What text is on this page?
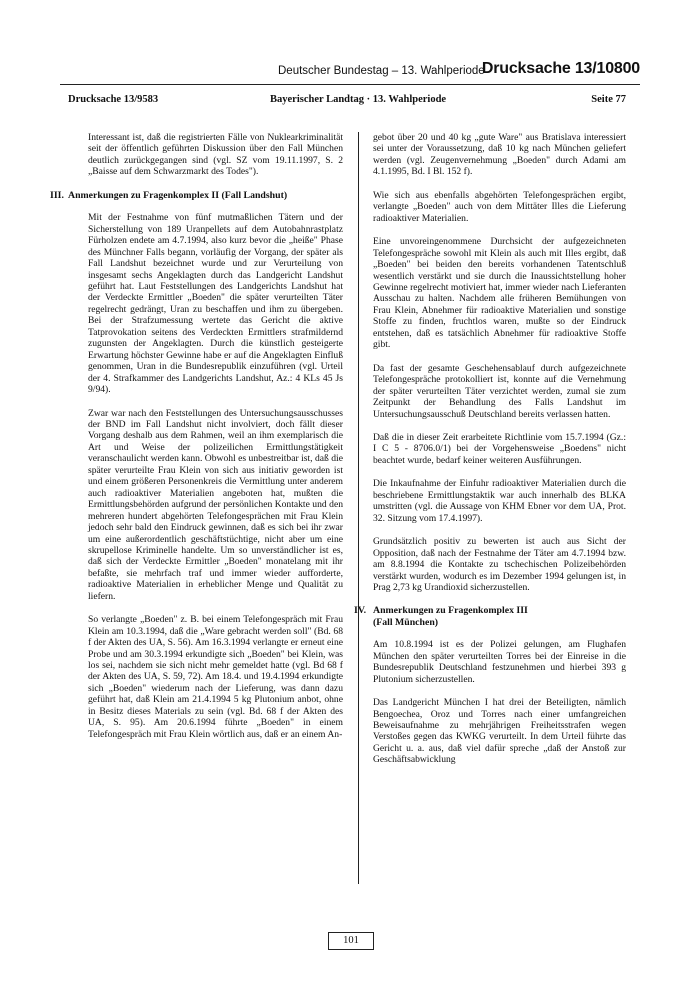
Deutscher Bundestag – 13. Wahlperiode
Drucksache 13/10800
Drucksache 13/9583	Bayerischer Landtag · 13. Wahlperiode	Seite 77

Interessant ist, daß die registrierten Fälle von Nuklearkriminalität seit der öffentlich geführten Diskussion über den Fall München deutlich zurückgegangen sind (vgl. SZ vom 19.11.1997, S. 2 „Baisse auf dem Schwarzmarkt des Todes").

III. Anmerkungen zu Fragenkomplex II (Fall Landshut)

Mit der Festnahme von fünf mutmaßlichen Tätern und der Sicherstellung von 189 Uranpellets auf dem Autobahnrastplatz Fürholzen endete am 4.7.1994, also kurz bevor die „heiße" Phase des Münchner Falls begann, vorläufig der Vorgang, der später als Fall Landshut bezeichnet wurde und zur Verurteilung von insgesamt sechs Angeklagten durch das Landgericht Landshut geführt hat. Laut Feststellungen des Landgerichts Landshut hat der Verdeckte Ermittler „Boeden" die später verurteilten Täter regelrecht gedrängt, Uran zu beschaffen und ihm zu übergeben. Bei der Strafzumessung wertete das Gericht die aktive Tatprovokation seitens des Verdeckten Ermittlers strafmildernd zugunsten der Angeklagten. Durch die künstlich gesteigerte Erwartung höchster Gewinne habe er auf die Angeklagten Einfluß genommen, Uran in die Bundesrepublik einzuführen (vgl. Urteil der 4. Strafkammer des Landgerichts Landshut, Az.: 4 KLs 45 Js 9/94).

Zwar war nach den Feststellungen des Untersuchungsausschusses der BND im Fall Landshut nicht involviert, doch fällt dieser Vorgang deshalb aus dem Rahmen, weil an ihm exemplarisch die Art und Weise der polizeilichen Ermittlungstätigkeit veranschaulicht werden kann. Obwohl es unbestreitbar ist, daß die später verurteilte Frau Klein von sich aus initiativ geworden ist und einem größeren Personenkreis die Vermittlung unter anderem auch radioaktiver Materialien angeboten hat, mußten die Ermittlungsbehörden aufgrund der persönlichen Kontakte und den mehreren hundert abgehörten Telefongesprächen mit Frau Klein jedoch sehr bald den Eindruck gewinnen, daß es sich bei ihr zwar um eine außerordentlich geschäftstüchtige, nicht aber um eine skrupellose Kriminelle handelte. Um so unverständlicher ist es, daß sich der Verdeckte Ermittler „Boeden" monatelang mit ihr befaßte, sie mehrfach traf und immer wieder aufforderte, radioaktive Materialien in erheblicher Menge und Qualität zu liefern.

So verlangte „Boeden" z. B. bei einem Telefongespräch mit Frau Klein am 10.3.1994, daß die „Ware gebracht werden soll" (Bd. 68 f der Akten des UA, S. 56). Am 16.3.1994 verlangte er erneut eine Probe und am 30.3.1994 erkundigte sich „Boeden" bei Klein, was los sei, nachdem sie sich nicht mehr gemeldet hatte (vgl. Bd 68 f der Akten des UA, S. 59, 72). Am 18.4. und 19.4.1994 erkundigte sich „Boeden" wiederum nach der Lieferung, was dann dazu geführt hat, daß Klein am 21.4.1994 5 kg Plutonium anbot, ohne in Besitz dieses Materials zu sein (vgl. Bd. 68 f der Akten des UA, S. 95). Am 20.6.1994 führte „Boeden" in einem Telefongespräch mit Frau Klein wörtlich aus, daß er an einem An-

gebot über 20 und 40 kg „gute Ware" aus Bratislava interessiert sei unter der Voraussetzung, daß 10 kg nach München geliefert werden (vgl. Zeugenvernehmung „Boeden" durch Adami am 4.1.1995, Bd. I Bl. 152 f).

Wie sich aus ebenfalls abgehörten Telefongesprächen ergibt, verlangte „Boeden" auch von dem Mittäter Illes die Lieferung radioaktiver Materialien.

Eine unvoreingenommene Durchsicht der aufgezeichneten Telefongespräche sowohl mit Klein als auch mit Illes ergibt, daß „Boeden" bei beiden den bereits vorhandenen Tatentschluß wesentlich verstärkt und sie durch die Inaussichtstellung hoher Gewinne regelrecht motiviert hat, immer wieder nach Lieferanten Ausschau zu halten. Nachdem alle früheren Bemühungen von Frau Klein, Abnehmer für radioaktive Materialien und sonstige Stoffe zu finden, fruchtlos waren, mußte so der Eindruck entstehen, daß es tatsächlich Abnehmer für radioaktive Stoffe gibt.

Da fast der gesamte Geschehensablauf durch aufgezeichnete Telefongespräche protokolliert ist, konnte auf die Vernehmung der später verurteilten Täter verzichtet werden, zumal sie zum Zeitpunkt der Behandlung des Falls Landshut im Untersuchungsausschuß Deutschland bereits verlassen hatten.

Daß die in dieser Zeit erarbeitete Richtlinie vom 15.7.1994 (Gz.: I C 5 - 8706.0/1) bei der Vorgehensweise „Boedens" nicht beachtet wurde, bedarf keiner weiteren Ausführungen.

Die Inkaufnahme der Einfuhr radioaktiver Materialien durch die beschriebene Ermittlungstaktik war auch innerhalb des BLKA umstritten (vgl. die Aussage von KHM Ebner vor dem UA, Prot. 32. Sitzung vom 17.4.1997).

Grundsätzlich positiv zu bewerten ist auch aus Sicht der Opposition, daß nach der Festnahme der Täter am 4.7.1994 bzw. am 8.8.1994 die Kontakte zu tschechischen Polizeibehörden verstärkt wurden, wodurch es im Dezember 1994 gelungen ist, in Prag 2,73 kg Urandioxid sicherzustellen.

IV. Anmerkungen zu Fragenkomplex III
(Fall München)

Am 10.8.1994 ist es der Polizei gelungen, am Flughafen München den später verurteilten Torres bei der Einreise in die Bundesrepublik Deutschland festzunehmen und hierbei 393 g Plutonium sicherzustellen.

Das Landgericht München I hat drei der Beteiligten, nämlich Bengoechea, Oroz und Torres nach einer umfangreichen Beweisaufnahme zu mehrjährigen Freiheitsstrafen wegen Verstoßes gegen das KWKG verurteilt. In dem Urteil führte das Gericht u. a. aus, daß viel dafür spreche „daß der Anstoß zur Geschäftsabwicklung

101
